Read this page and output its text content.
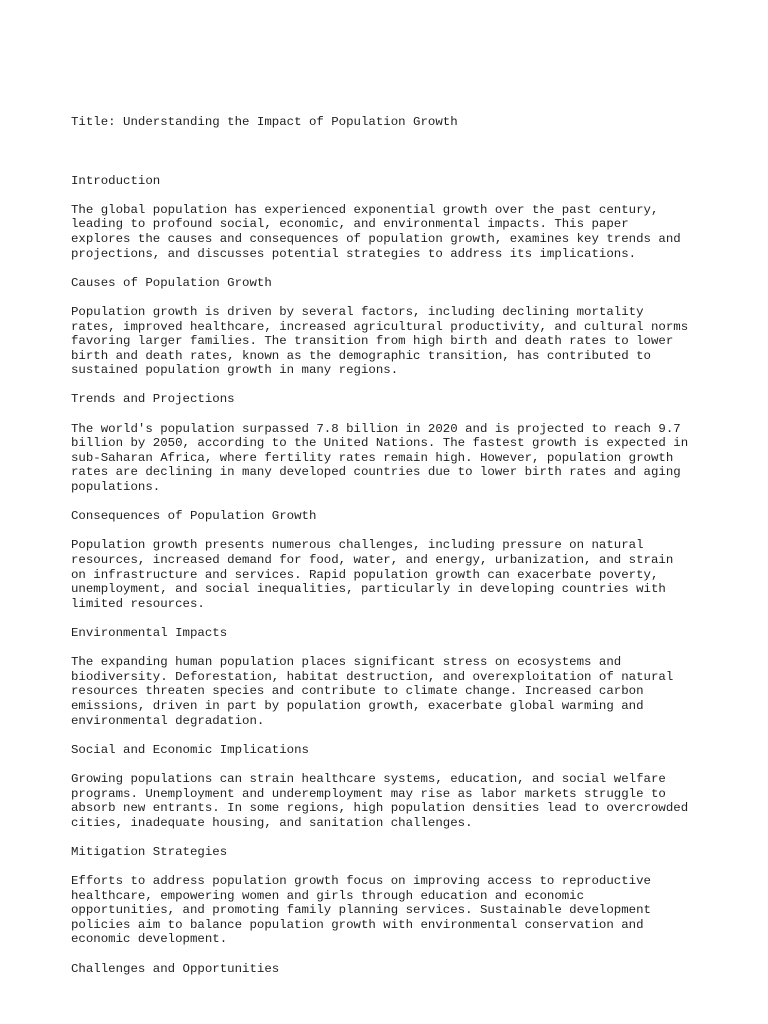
Title: Understanding the Impact of Population Growth

Introduction

The global population has experienced exponential growth over the past century,
leading to profound social, economic, and environmental impacts. This paper
explores the causes and consequences of population growth, examines key trends and
projections, and discusses potential strategies to address its implications.

Causes of Population Growth

Population growth is driven by several factors, including declining mortality
rates, improved healthcare, increased agricultural productivity, and cultural norms
favoring larger families. The transition from high birth and death rates to lower
birth and death rates, known as the demographic transition, has contributed to
sustained population growth in many regions.

Trends and Projections

The world's population surpassed 7.8 billion in 2020 and is projected to reach 9.7
billion by 2050, according to the United Nations. The fastest growth is expected in
sub-Saharan Africa, where fertility rates remain high. However, population growth
rates are declining in many developed countries due to lower birth rates and aging
populations.

Consequences of Population Growth

Population growth presents numerous challenges, including pressure on natural
resources, increased demand for food, water, and energy, urbanization, and strain
on infrastructure and services. Rapid population growth can exacerbate poverty,
unemployment, and social inequalities, particularly in developing countries with
limited resources.

Environmental Impacts

The expanding human population places significant stress on ecosystems and
biodiversity. Deforestation, habitat destruction, and overexploitation of natural
resources threaten species and contribute to climate change. Increased carbon
emissions, driven in part by population growth, exacerbate global warming and
environmental degradation.

Social and Economic Implications

Growing populations can strain healthcare systems, education, and social welfare
programs. Unemployment and underemployment may rise as labor markets struggle to
absorb new entrants. In some regions, high population densities lead to overcrowded
cities, inadequate housing, and sanitation challenges.

Mitigation Strategies

Efforts to address population growth focus on improving access to reproductive
healthcare, empowering women and girls through education and economic
opportunities, and promoting family planning services. Sustainable development
policies aim to balance population growth with environmental conservation and
economic development.

Challenges and Opportunities
